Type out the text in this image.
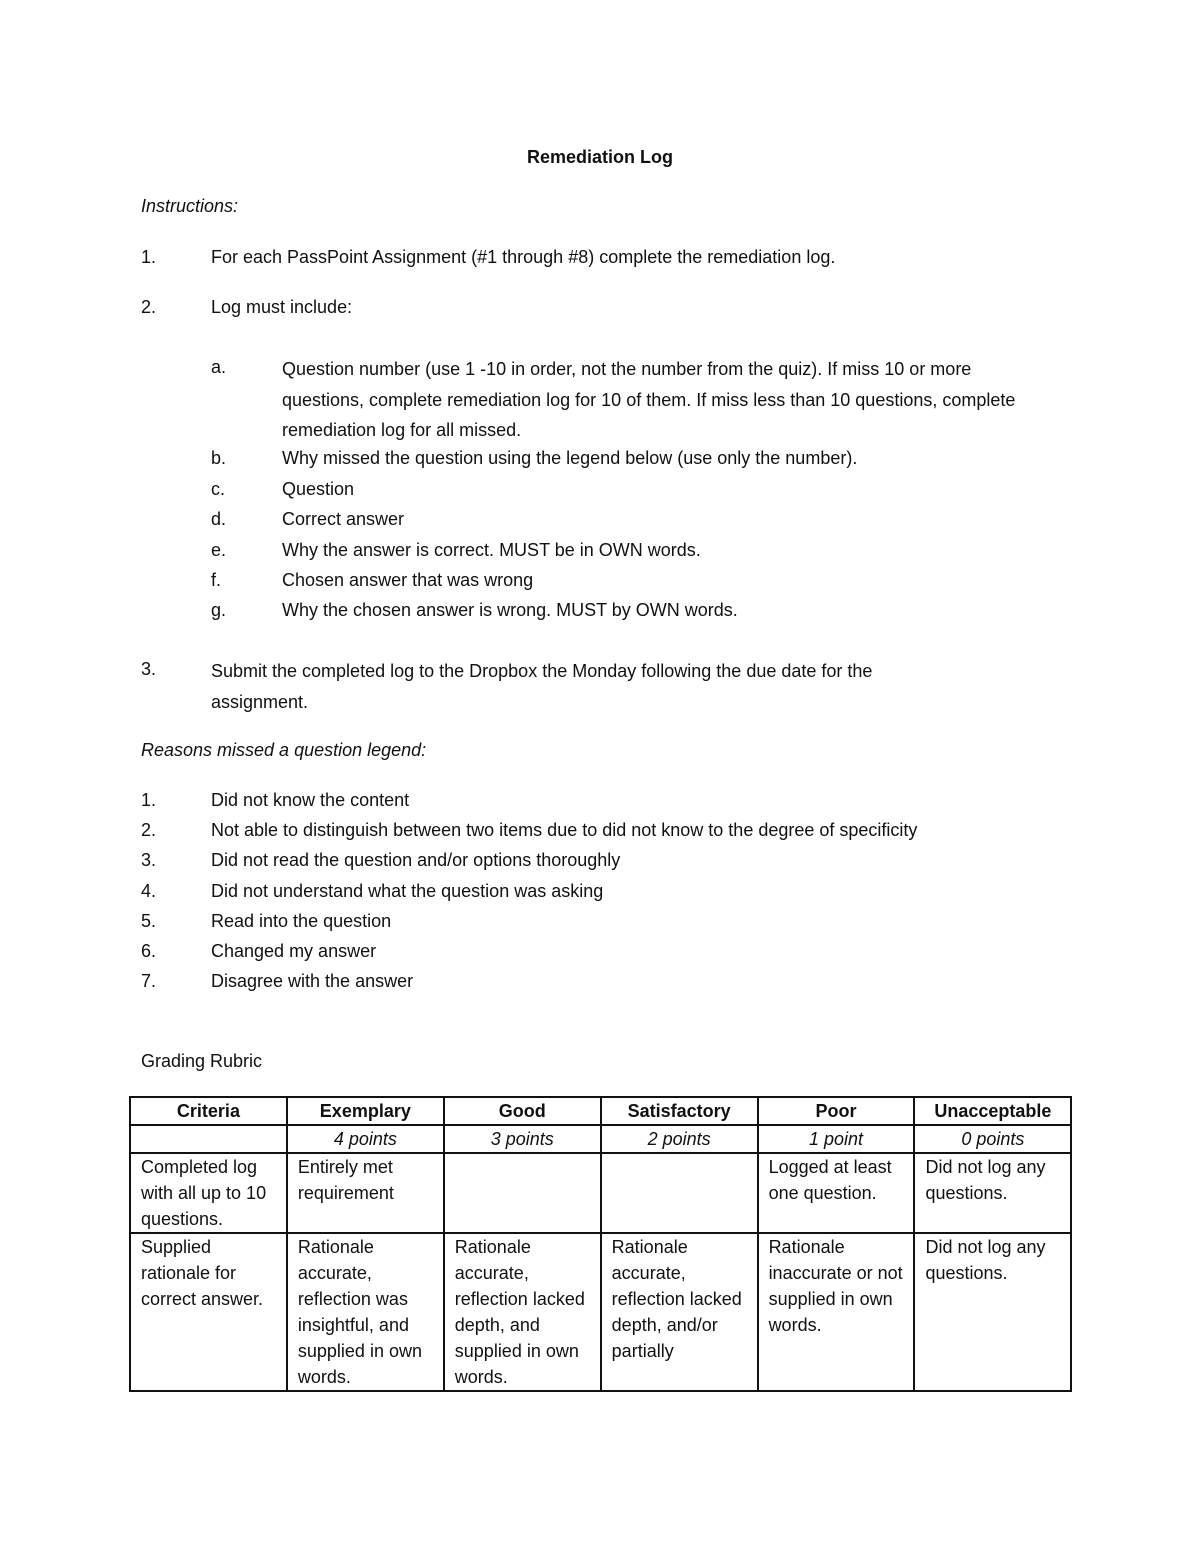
Remediation Log
Instructions:
1.	For each PassPoint Assignment (#1 through #8) complete the remediation log.
2.	Log must include:
a.	Question number (use 1 -10 in order, not the number from the quiz). If miss 10 or more questions, complete remediation log for 10 of them. If miss less than 10 questions, complete remediation log for all missed.
b.	Why missed the question using the legend below (use only the number).
c.	Question
d.	Correct answer
e.	Why the answer is correct. MUST be in OWN words.
f.	Chosen answer that was wrong
g.	Why the chosen answer is wrong. MUST by OWN words.
3.	Submit the completed log to the Dropbox the Monday following the due date for the assignment.
Reasons missed a question legend:
1.	Did not know the content
2.	Not able to distinguish between two items due to did not know to the degree of specificity
3.	Did not read the question and/or options thoroughly
4.	Did not understand what the question was asking
5.	Read into the question
6.	Changed my answer
7.	Disagree with the answer
Grading Rubric
Criteria	Exemplary	Good	Satisfactory	Poor	Unacceptable
	4 points	3 points	2 points	1 point	0 points
Completed log with all up to 10 questions.	Entirely met requirement			Logged at least one question.	Did not log any questions.
Supplied rationale for correct answer.	Rationale accurate, reflection was insightful, and supplied in own words.	Rationale accurate, reflection lacked depth, and supplied in own words.	Rationale accurate, reflection lacked depth, and/or partially	Rationale inaccurate or not supplied in own words.	Did not log any questions.
